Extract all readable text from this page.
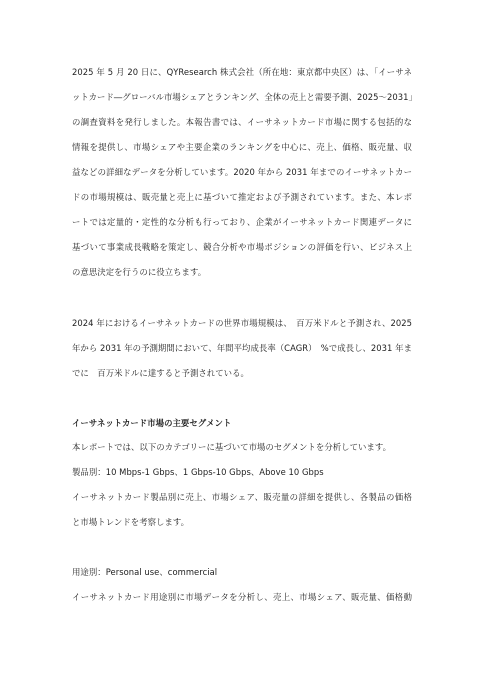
2025 年 5 月 20 日に、QYResearch 株式会社（所在地：東京都中央区）は、「イーサネ
ットカード―グローバル市場シェアとランキング、全体の売上と需要予測、2025～2031」
の調査資料を発行しました。本報告書では、イーサネットカード市場に関する包括的な
情報を提供し、市場シェアや主要企業のランキングを中心に、売上、価格、販売量、収
益などの詳細なデータを分析しています。2020 年から 2031 年までのイーサネットカー
ドの市場規模は、販売量と売上に基づいて推定および予測されています。また、本レポ
ートでは定量的・定性的な分析も行っており、企業がイーサネットカード関連データに
基づいて事業成長戦略を策定し、競合分析や市場ポジションの評価を行い、ビジネス上
の意思決定を行うのに役立ちます。
2024 年におけるイーサネットカードの世界市場規模は、　百万米ドルと予測され、2025
年から 2031 年の予測期間において、年間平均成長率（CAGR）　%で成長し、2031 年ま
でに　百万米ドルに達すると予測されている。
イーサネットカード市場の主要セグメント
本レポートでは、以下のカテゴリーに基づいて市場のセグメントを分析しています。
製品別：10 Mbps-1 Gbps、1 Gbps-10 Gbps、Above 10 Gbps
イーサネットカード製品別に売上、市場シェア、販売量の詳細を提供し、各製品の価格
と市場トレンドを考察します。
用途別：Personal use、commercial
イーサネットカード用途別に市場データを分析し、売上、市場シェア、販売量、価格動
